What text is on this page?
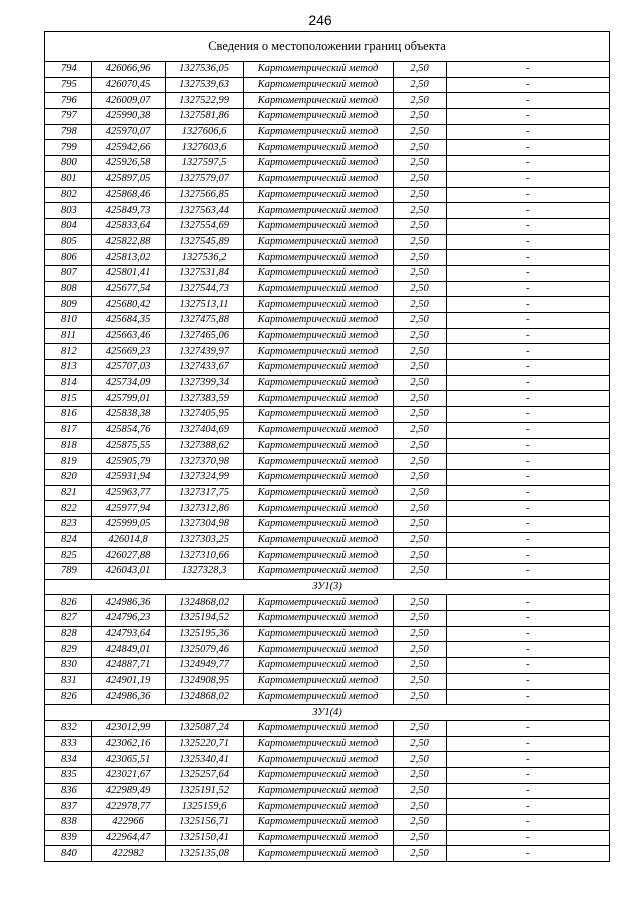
246
Сведения о местоположении границ объекта
794	426066,96	1327536,05	Картометрический метод	2,50	-
795	426070,45	1327539,63	Картометрический метод	2,50	-
796	426009,07	1327522,99	Картометрический метод	2,50	-
797	425990,38	1327581,86	Картометрический метод	2,50	-
798	425970,07	1327606,6	Картометрический метод	2,50	-
799	425942,66	1327603,6	Картометрический метод	2,50	-
800	425926,58	1327597,5	Картометрический метод	2,50	-
801	425897,05	1327579,07	Картометрический метод	2,50	-
802	425868,46	1327566,85	Картометрический метод	2,50	-
803	425849,73	1327563,44	Картометрический метод	2,50	-
804	425833,64	1327554,69	Картометрический метод	2,50	-
805	425822,88	1327545,89	Картометрический метод	2,50	-
806	425813,02	1327536,2	Картометрический метод	2,50	-
807	425801,41	1327531,84	Картометрический метод	2,50	-
808	425677,54	1327544,73	Картометрический метод	2,50	-
809	425680,42	1327513,11	Картометрический метод	2,50	-
810	425684,35	1327475,88	Картометрический метод	2,50	-
811	425663,46	1327465,06	Картометрический метод	2,50	-
812	425669,23	1327439,97	Картометрический метод	2,50	-
813	425707,03	1327433,67	Картометрический метод	2,50	-
814	425734,09	1327399,34	Картометрический метод	2,50	-
815	425799,01	1327383,59	Картометрический метод	2,50	-
816	425838,38	1327405,95	Картометрический метод	2,50	-
817	425854,76	1327404,69	Картометрический метод	2,50	-
818	425875,55	1327388,62	Картометрический метод	2,50	-
819	425905,79	1327370,98	Картометрический метод	2,50	-
820	425931,94	1327324,99	Картометрический метод	2,50	-
821	425963,77	1327317,75	Картометрический метод	2,50	-
822	425977,94	1327312,86	Картометрический метод	2,50	-
823	425999,05	1327304,98	Картометрический метод	2,50	-
824	426014,8	1327303,25	Картометрический метод	2,50	-
825	426027,88	1327310,66	Картометрический метод	2,50	-
789	426043,01	1327328,3	Картометрический метод	2,50	-
ЗУ1(3)					
826	424986,36	1324868,02	Картометрический метод	2,50	-
827	424796,23	1325194,52	Картометрический метод	2,50	-
828	424793,64	1325195,36	Картометрический метод	2,50	-
829	424849,01	1325079,46	Картометрический метод	2,50	-
830	424887,71	1324949,77	Картометрический метод	2,50	-
831	424901,19	1324908,95	Картометрический метод	2,50	-
826	424986,36	1324868,02	Картометрический метод	2,50	-
ЗУ1(4)					
832	423012,99	1325087,24	Картометрический метод	2,50	-
833	423062,16	1325220,71	Картометрический метод	2,50	-
834	423065,51	1325340,41	Картометрический метод	2,50	-
835	423021,67	1325257,64	Картометрический метод	2,50	-
836	422989,49	1325191,52	Картометрический метод	2,50	-
837	422978,77	1325159,6	Картометрический метод	2,50	-
838	422966	1325156,71	Картометрический метод	2,50	-
839	422964,47	1325150,41	Картометрический метод	2,50	-
840	422982	1325135,08	Картометрический метод	2,50	-
